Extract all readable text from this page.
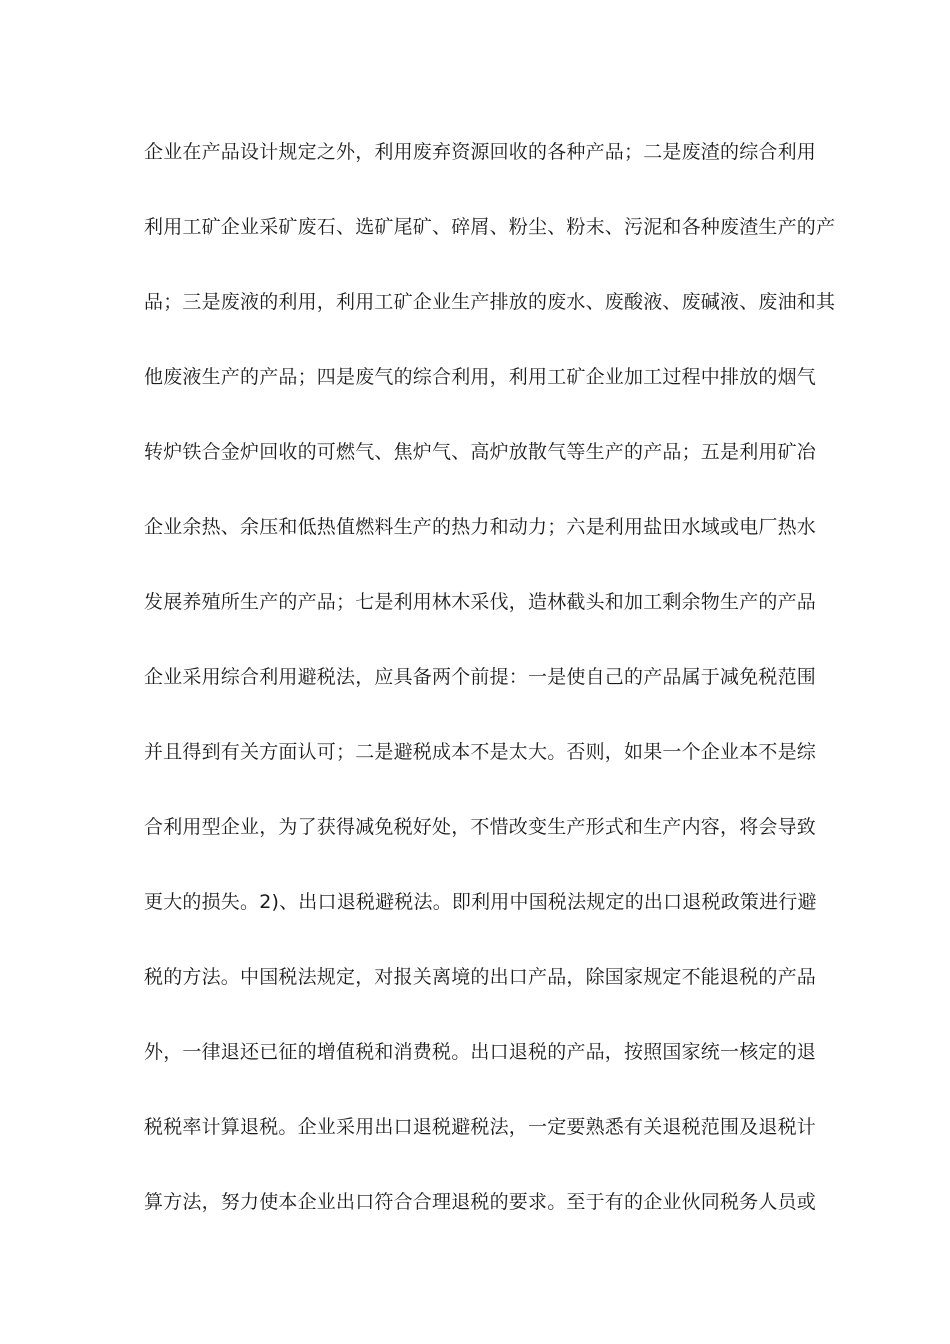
企业在产品设计规定之外，利用废弃资源回收的各种产品；二是废渣的综合利用
利用工矿企业采矿废石、选矿尾矿、碎屑、粉尘、粉末、污泥和各种废渣生产的产
品；三是废液的利用，利用工矿企业生产排放的废水、废酸液、废碱液、废油和其
他废液生产的产品；四是废气的综合利用，利用工矿企业加工过程中排放的烟气
转炉铁合金炉回收的可燃气、焦炉气、高炉放散气等生产的产品；五是利用矿冶
企业余热、余压和低热值燃料生产的热力和动力；六是利用盐田水域或电厂热水
发展养殖所生产的产品；七是利用林木采伐，造林截头和加工剩余物生产的产品
企业采用综合利用避税法，应具备两个前提：一是使自己的产品属于减免税范围
并且得到有关方面认可；二是避税成本不是太大。否则，如果一个企业本不是综
合利用型企业，为了获得减免税好处，不惜改变生产形式和生产内容，将会导致
更大的损失。2)、出口退税避税法。即利用中国税法规定的出口退税政策进行避
税的方法。中国税法规定，对报关离境的出口产品，除国家规定不能退税的产品
外，一律退还已征的增值税和消费税。出口退税的产品，按照国家统一核定的退
税税率计算退税。企业采用出口退税避税法，一定要熟悉有关退税范围及退税计
算方法，努力使本企业出口符合合理退税的要求。至于有的企业伙同税务人员或
